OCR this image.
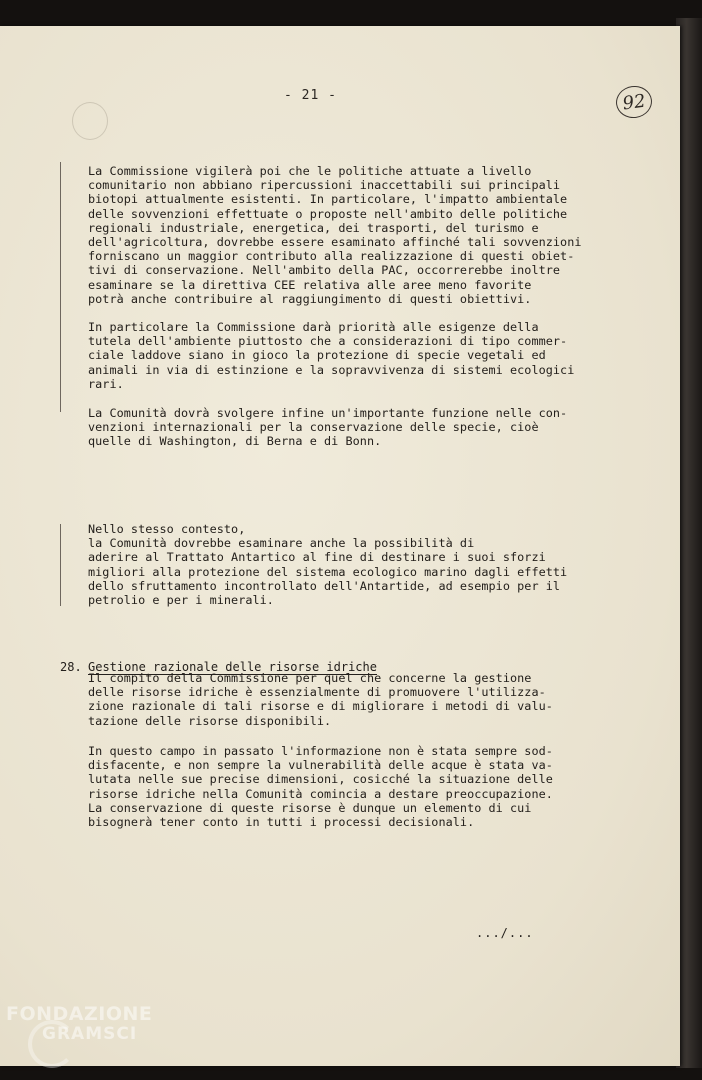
- 21 -	92

La Commissione vigilerà poi che le politiche attuate a livello
comunitario non abbiano ripercussioni inaccettabili sui principali
biotopi attualmente esistenti. In particolare, l'impatto ambientale
delle sovvenzioni effettuate o proposte nell'ambito delle politiche
regionali industriale, energetica, dei trasporti, del turismo e
dell'agricoltura, dovrebbe essere esaminato affinché tali sovvenzioni
forniscano un maggior contributo alla realizzazione di questi obiet-
tivi di conservazione. Nell'ambito della PAC, occorrerebbe inoltre
esaminare se la direttiva CEE relativa alle aree meno favorite
potrà anche contribuire al raggiungimento di questi obiettivi.

In particolare la Commissione darà priorità alle esigenze della
tutela dell'ambiente piuttosto che a considerazioni di tipo commer-
ciale laddove siano in gioco la protezione di specie vegetali ed
animali in via di estinzione e la sopravvivenza di sistemi ecologici
rari.

La Comunità dovrà svolgere infine un'importante funzione nelle con-
venzioni internazionali per la conservazione delle specie, cioè
quelle di Washington, di Berna e di Bonn.

Nello stesso contesto,
la Comunità dovrebbe esaminare anche la possibilità di
aderire al Trattato Antartico al fine di destinare i suoi sforzi
migliori alla protezione del sistema ecologico marino dagli effetti
dello sfruttamento incontrollato dell'Antartide, ad esempio per il
petrolio e per i minerali.

28. Gestione razionale delle risorse idriche

Il compito della Commissione per quel che concerne la gestione
delle risorse idriche è essenzialmente di promuovere l'utilizza-
zione razionale di tali risorse e di migliorare i metodi di valu-
tazione delle risorse disponibili.

In questo campo in passato l'informazione non è stata sempre sod-
disfacente, e non sempre la vulnerabilità delle acque è stata va-
lutata nelle sue precise dimensioni, cosicché la situazione delle
risorse idriche nella Comunità comincia a destare preoccupazione.
La conservazione di queste risorse è dunque un elemento di cui
bisognerà tener conto in tutti i processi decisionali.

.../...
FONDAZIONE
GRAMSCI
